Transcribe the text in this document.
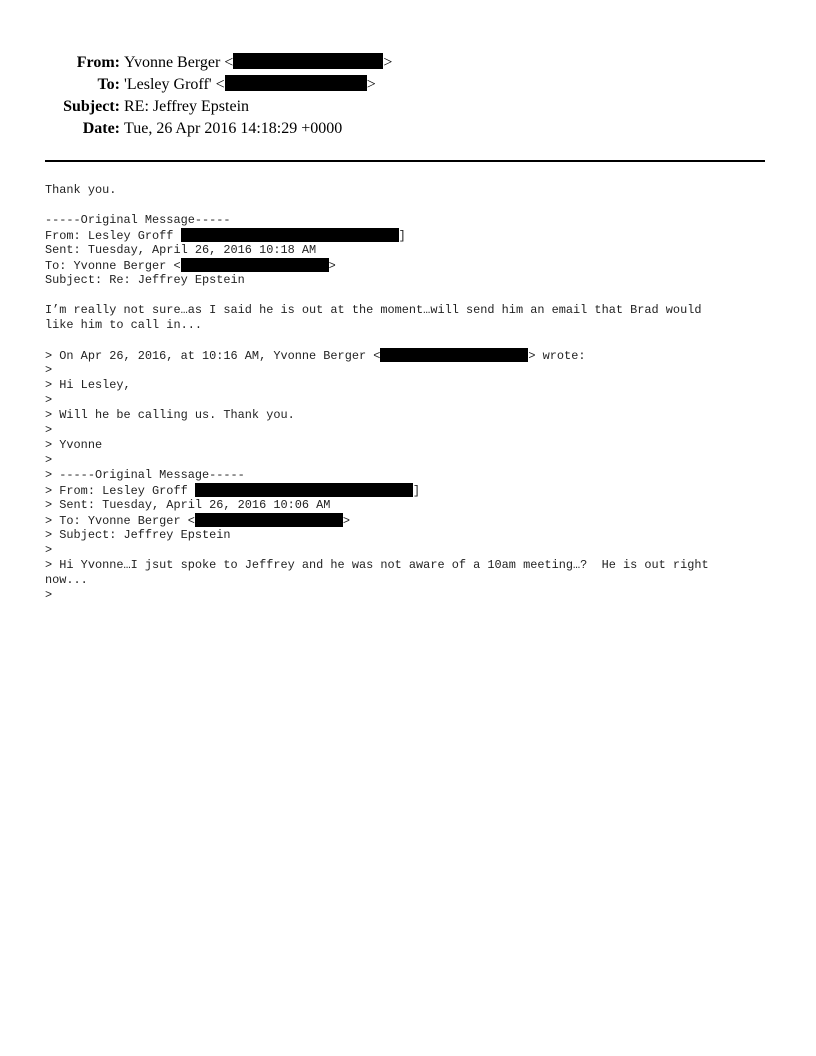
From: Yvonne Berger <	>
To: 'Lesley Groff' <	>
Subject: RE: Jeffrey Epstein
Date: Tue, 26 Apr 2016 14:18:29 +0000
Thank you.
-----Original Message-----
From: Lesley Groff	]
Sent: Tuesday, April 26, 2016 10:18 AM
To: Yvonne Berger <	>
Subject: Re: Jeffrey Epstein
I’m really not sure…as I said he is out at the moment…will send him an email that Brad would
like him to call in...
> On Apr 26, 2016, at 10:16 AM, Yvonne Berger <	> wrote:
>
> Hi Lesley,
>
> Will he be calling us. Thank you.
>
> Yvonne
>
> -----Original Message-----
> From: Lesley Groff	]
> Sent: Tuesday, April 26, 2016 10:06 AM
> To: Yvonne Berger <	>
> Subject: Jeffrey Epstein
>
> Hi Yvonne…I jsut spoke to Jeffrey and he was not aware of a 10am meeting…?  He is out right
now...
>
